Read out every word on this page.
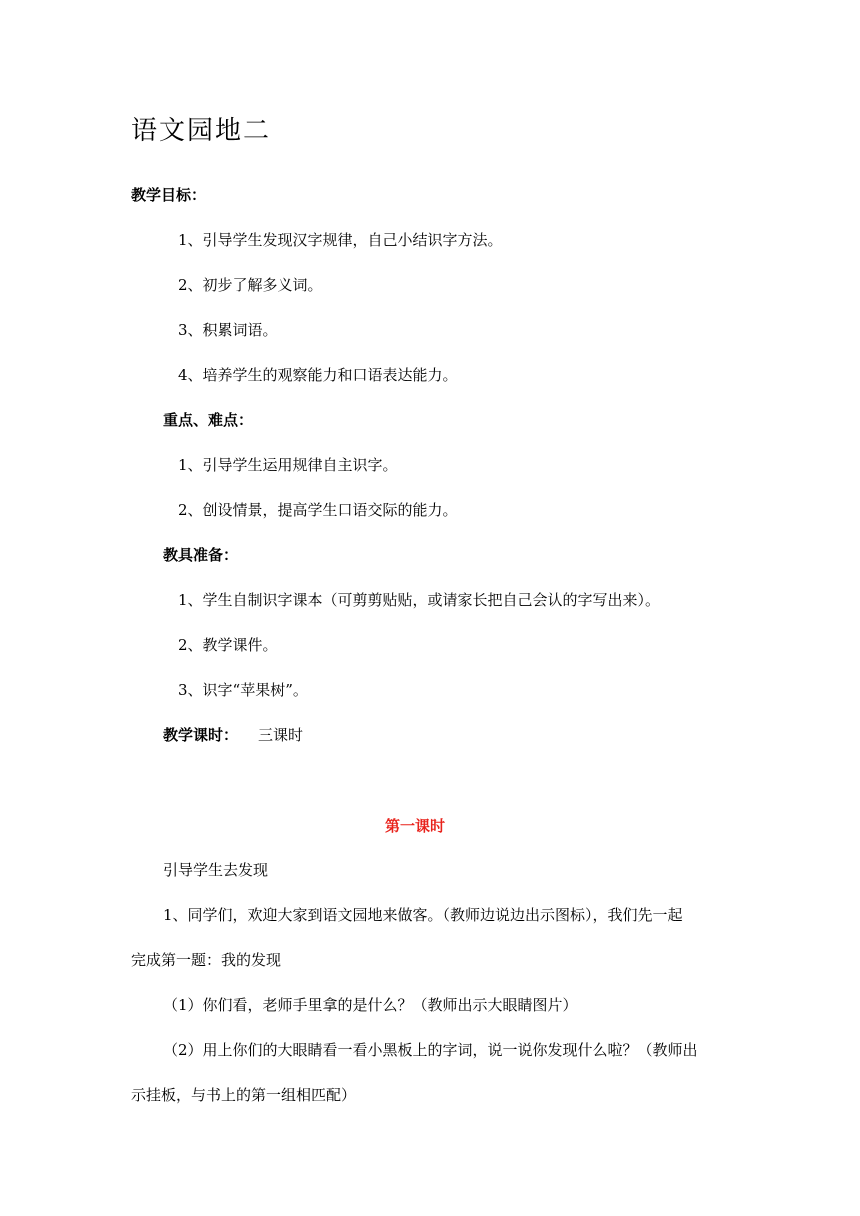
语文园地二
教学目标：
1、引导学生发现汉字规律，自己小结识字方法。
2、初步了解多义词。
3、积累词语。
4、培养学生的观察能力和口语表达能力。
重点、难点：
1、引导学生运用规律自主识字。
2、创设情景，提高学生口语交际的能力。
教具准备：
1、学生自制识字课本（可剪剪贴贴，或请家长把自己会认的字写出来）。
2、教学课件。
3、识字“苹果树”。
教学课时： 三课时
第一课时
引导学生去发现
1、同学们，欢迎大家到语文园地来做客。（教师边说边出示图标），我们先一起
完成第一题：我的发现
（1）你们看，老师手里拿的是什么？（教师出示大眼睛图片）
（2）用上你们的大眼睛看一看小黑板上的字词，说一说你发现什么啦？（教师出
示挂板，与书上的第一组相匹配）
